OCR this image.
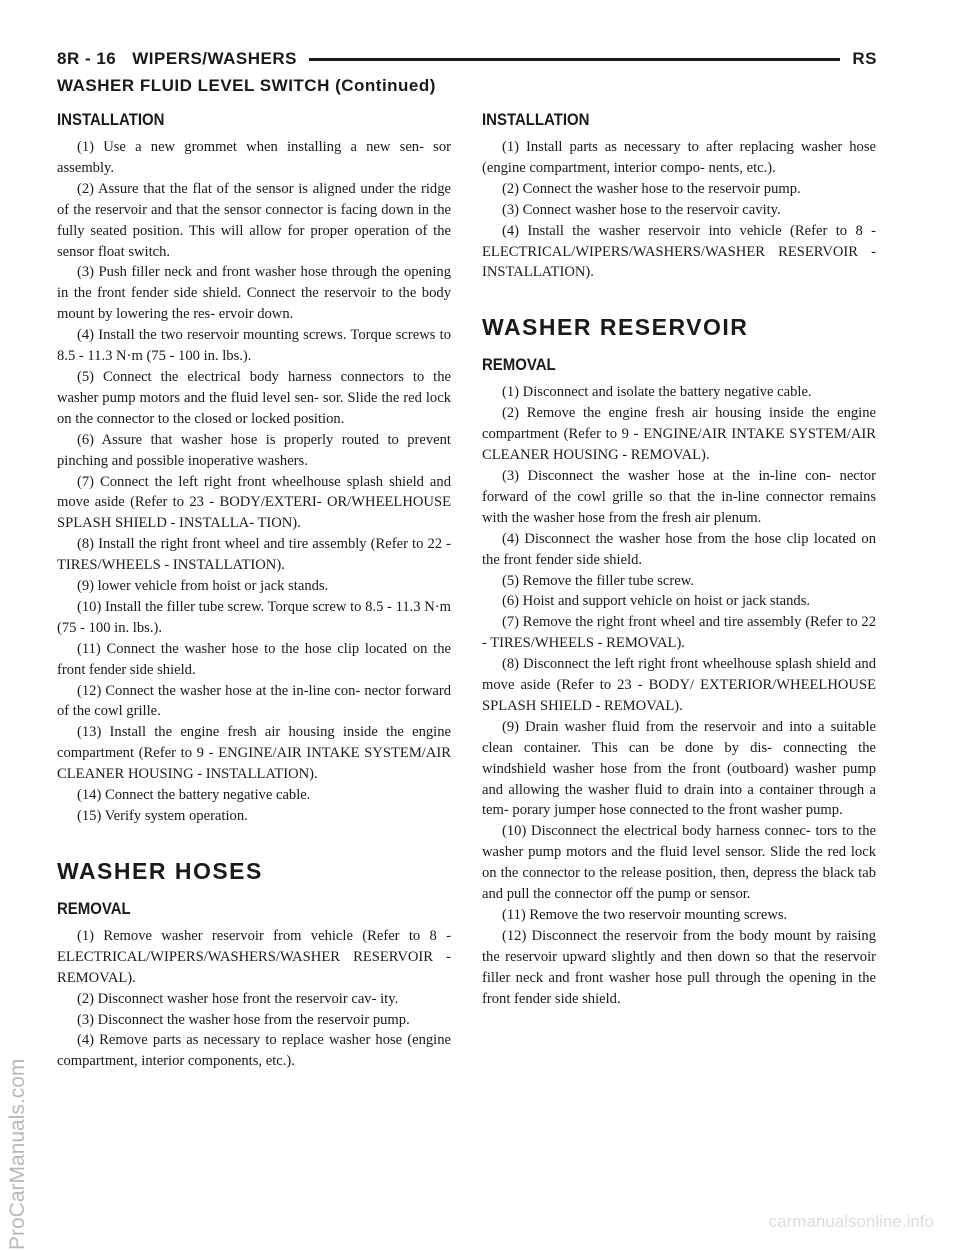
8R - 16 WIPERS/WASHERS	RS
WASHER FLUID LEVEL SWITCH (Continued)
INSTALLATION

(1) Use a new grommet when installing a new sen- sor assembly.

(2) Assure that the flat of the sensor is aligned under the ridge of the reservoir and that the sensor connector is facing down in the fully seated position. This will allow for proper operation of the sensor float switch.

(3) Push filler neck and front washer hose through the opening in the front fender side shield. Connect the reservoir to the body mount by lowering the res- ervoir down.

(4) Install the two reservoir mounting screws. Torque screws to 8.5 - 11.3 N·m (75 - 100 in. lbs.).

(5) Connect the electrical body harness connectors to the washer pump motors and the fluid level sen- sor. Slide the red lock on the connector to the closed or locked position.

(6) Assure that washer hose is properly routed to prevent pinching and possible inoperative washers.

(7) Connect the left right front wheelhouse splash shield and move aside (Refer to 23 - BODY/EXTERI- OR/WHEELHOUSE SPLASH SHIELD - INSTALLA- TION).

(8) Install the right front wheel and tire assembly (Refer to 22 - TIRES/WHEELS - INSTALLATION).

(9) lower vehicle from hoist or jack stands.

(10) Install the filler tube screw. Torque screw to 8.5 - 11.3 N·m (75 - 100 in. lbs.).

(11) Connect the washer hose to the hose clip located on the front fender side shield.

(12) Connect the washer hose at the in-line con- nector forward of the cowl grille.

(13) Install the engine fresh air housing inside the engine compartment (Refer to 9 - ENGINE/AIR INTAKE SYSTEM/AIR CLEANER HOUSING - INSTALLATION).

(14) Connect the battery negative cable.

(15) Verify system operation.

WASHER HOSES
REMOVAL

(1) Remove washer reservoir from vehicle (Refer to 8 - ELECTRICAL/WIPERS/WASHERS/WASHER RESERVOIR - REMOVAL).

(2) Disconnect washer hose front the reservoir cav- ity.

(3) Disconnect the washer hose from the reservoir pump.

(4) Remove parts as necessary to replace washer hose (engine compartment, interior components, etc.).

INSTALLATION

(1) Install parts as necessary to after replacing washer hose (engine compartment, interior compo- nents, etc.).

(2) Connect the washer hose to the reservoir pump.

(3) Connect washer hose to the reservoir cavity.

(4) Install the washer reservoir into vehicle (Refer to 8 - ELECTRICAL/WIPERS/WASHERS/WASHER RESERVOIR - INSTALLATION).

WASHER RESERVOIR
REMOVAL

(1) Disconnect and isolate the battery negative cable.

(2) Remove the engine fresh air housing inside the engine compartment (Refer to 9 - ENGINE/AIR INTAKE SYSTEM/AIR CLEANER HOUSING - REMOVAL).

(3) Disconnect the washer hose at the in-line con- nector forward of the cowl grille so that the in-line connector remains with the washer hose from the fresh air plenum.

(4) Disconnect the washer hose from the hose clip located on the front fender side shield.

(5) Remove the filler tube screw.

(6) Hoist and support vehicle on hoist or jack stands.

(7) Remove the right front wheel and tire assembly (Refer to 22 - TIRES/WHEELS - REMOVAL).

(8) Disconnect the left right front wheelhouse splash shield and move aside (Refer to 23 - BODY/ EXTERIOR/WHEELHOUSE SPLASH SHIELD - REMOVAL).

(9) Drain washer fluid from the reservoir and into a suitable clean container. This can be done by dis- connecting the windshield washer hose from the front (outboard) washer pump and allowing the washer fluid to drain into a container through a tem- porary jumper hose connected to the front washer pump.

(10) Disconnect the electrical body harness connec- tors to the washer pump motors and the fluid level sensor. Slide the red lock on the connector to the release position, then, depress the black tab and pull the connector off the pump or sensor.

(11) Remove the two reservoir mounting screws.

(12) Disconnect the reservoir from the body mount by raising the reservoir upward slightly and then down so that the reservoir filler neck and front washer hose pull through the opening in the front fender side shield.

ProCarManuals.com	carmanualsonline.info
